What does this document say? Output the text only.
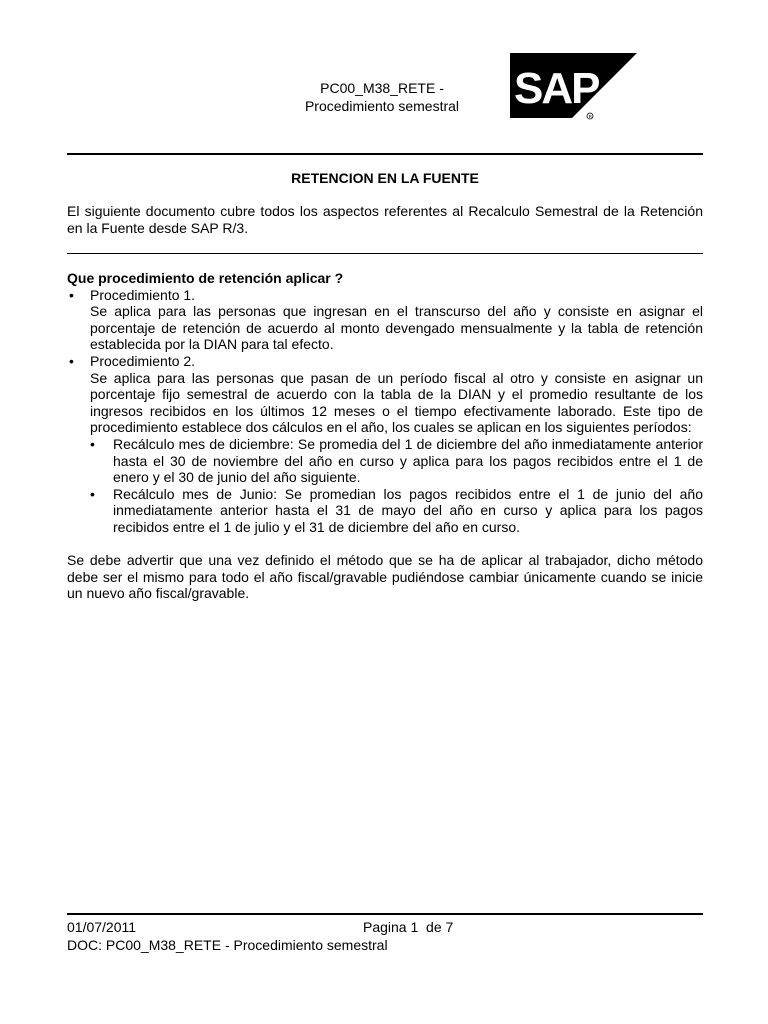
PC00_M38_RETE -
Procedimiento semestral	SAP
R
RETENCION EN LA FUENTE
El siguiente documento cubre todos los aspectos referentes al Recalculo Semestral de la Retención en la Fuente desde SAP R/3.

Que procedimiento de retención aplicar ?

• Procedimiento 1.
Se aplica para las personas que ingresan en el transcurso del año y consiste en asignar el porcentaje de retención de acuerdo al monto devengado mensualmente y la tabla de retención establecida por la DIAN para tal efecto.
• Procedimiento 2.
Se aplica para las personas que pasan de un período fiscal al otro y consiste en asignar un porcentaje fijo semestral de acuerdo con la tabla de la DIAN y el promedio resultante de los ingresos recibidos en los últimos 12 meses o el tiempo efectivamente laborado. Este tipo de procedimiento establece dos cálculos en el año, los cuales se aplican en los siguientes períodos:
• Recálculo mes de diciembre: Se promedia del 1 de diciembre del año inmediatamente anterior hasta el 30 de noviembre del año en curso y aplica para los pagos recibidos entre el 1 de enero y el 30 de junio del año siguiente.
• Recálculo mes de Junio: Se promedian los pagos recibidos entre el 1 de junio del año inmediatamente anterior hasta el 31 de mayo del año en curso y aplica para los pagos recibidos entre el 1 de julio y el 31 de diciembre del año en curso.
Se debe advertir que una vez definido el método que se ha de aplicar al trabajador, dicho método debe ser el mismo para todo el año fiscal/gravable pudiéndose cambiar únicamente cuando se inicie un nuevo año fiscal/gravable.
01/07/2011	Pagina 1  de 7
DOC: PC00_M38_RETE - Procedimiento semestral
